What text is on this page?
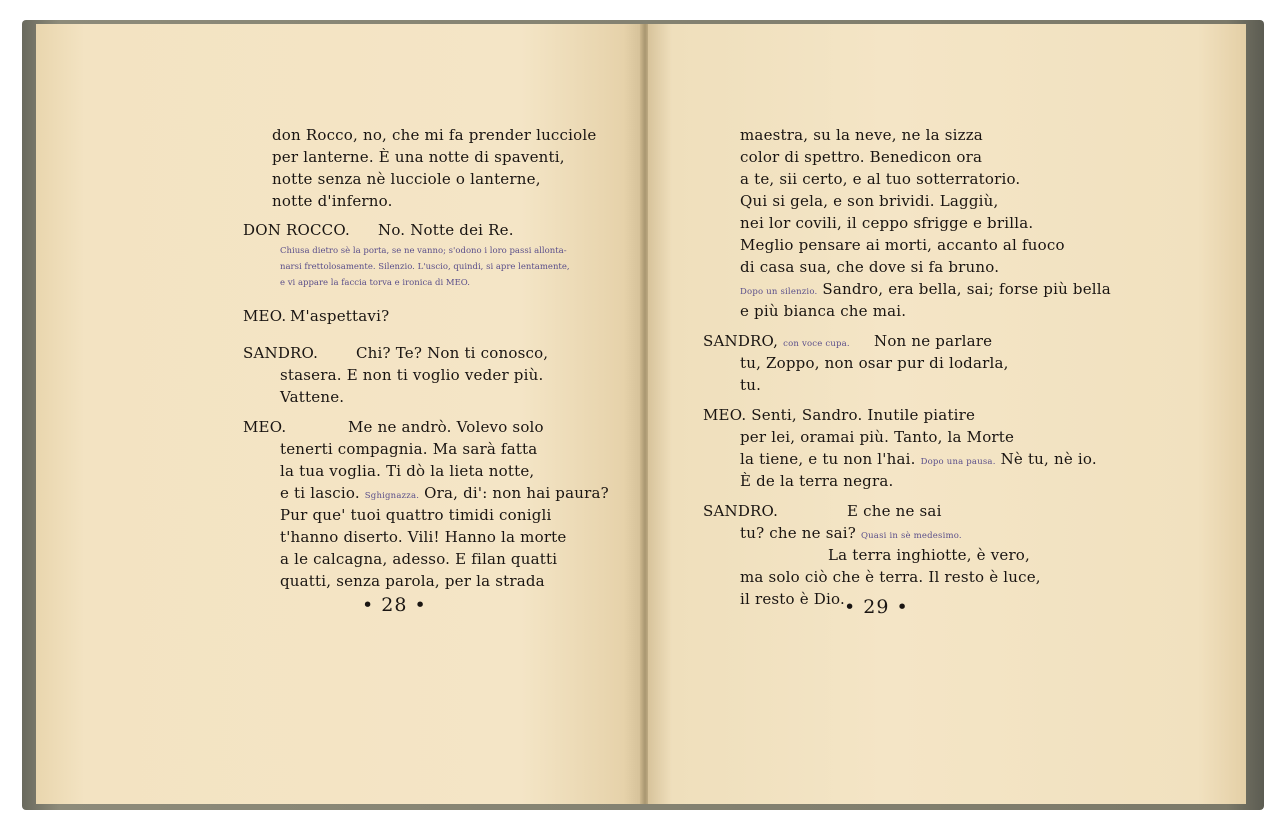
don Rocco, no, che mi fa prender lucciole
per lanterne. È una notte di spaventi,
notte senza nè lucciole o lanterne,
notte d'inferno.
DON ROCCO. No. Notte dei Re.
Chiusa dietro sè la porta, se ne vanno; s'odono i loro passi allonta-
narsi frettolosamente. Silenzio. L'uscio, quindi, si apre lentamente,
e vi appare la faccia torva e ironica di MEO.
MEO. M'aspettavi?
SANDRO.	Chi? Te? Non ti conosco,
stasera. E non ti voglio veder più.
Vattene.
MEO.	Me ne andrò. Volevo solo
tenerti compagnia. Ma sarà fatta
la tua voglia. Ti dò la lieta notte,
e ti lascio. Sghignazza. Ora, di': non hai paura?
Pur que' tuoi quattro timidi conigli
t'hanno diserto. Vili! Hanno la morte
a le calcagna, adesso. E filan quatti
quatti, senza parola, per la strada
• 28 •
maestra, su la neve, ne la sizza
color di spettro. Benedicon ora
a te, sii certo, e al tuo sotterratorio.
Qui si gela, e son brividi. Laggiù,
nei lor covili, il ceppo sfrigge e brilla.
Meglio pensare ai morti, accanto al fuoco
di casa sua, che dove si fa bruno.
Dopo un silenzio. Sandro, era bella, sai; forse più bella
e più bianca che mai.
SANDRO, con voce cupa. Non ne parlare
tu, Zoppo, non osar pur di lodarla,
tu.
MEO. Senti, Sandro. Inutile piatire
per lei, oramai più. Tanto, la Morte
la tiene, e tu non l'hai. Dopo una pausa. Nè tu, nè io.
È de la terra negra.
SANDRO.	E che ne sai
tu? che ne sai? Quasi in sè medesimo.
La terra inghiotte, è vero,
ma solo ciò che è terra. Il resto è luce,
il resto è Dio. • 29 •
